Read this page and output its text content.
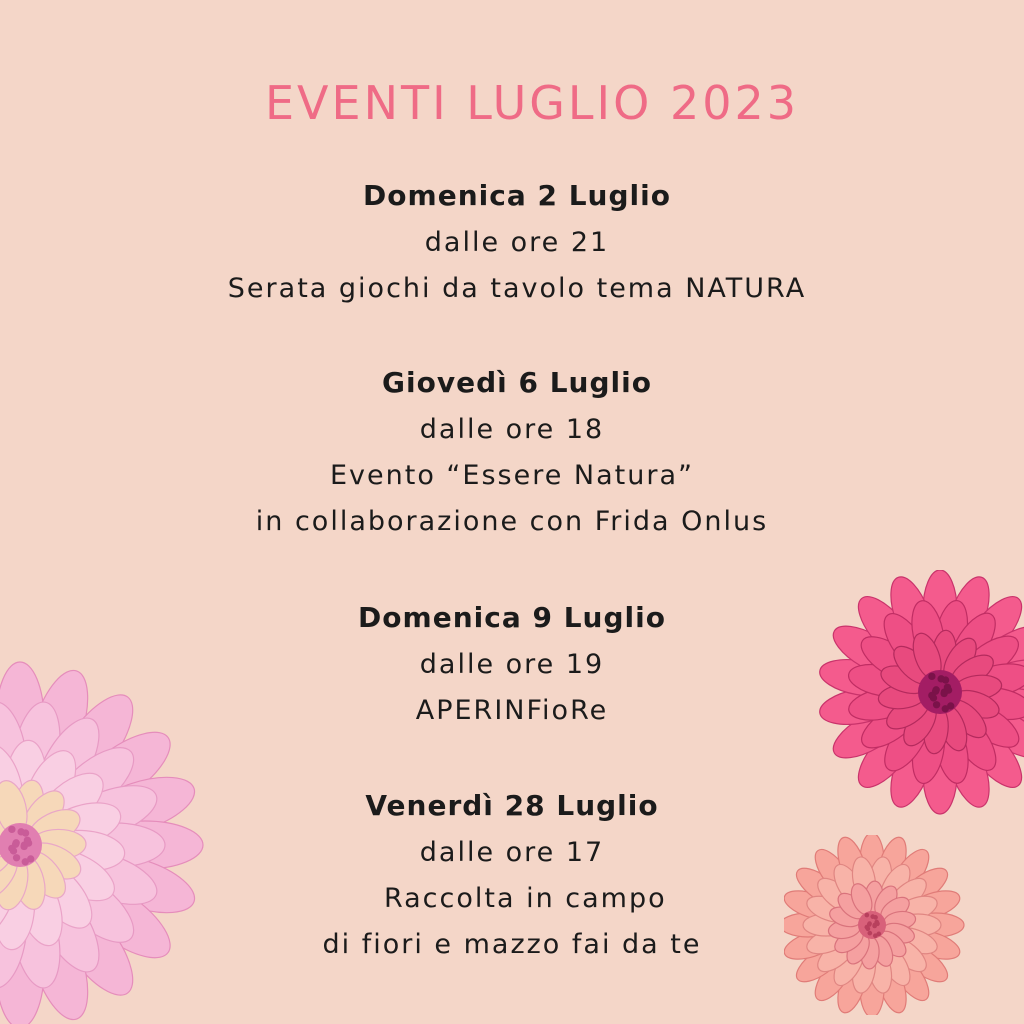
EVENTI LUGLIO 2023
Domenica 2 Luglio
dalle ore 21
Serata giochi da tavolo tema NATURA
Giovedì 6 Luglio
dalle ore 18
Evento “Essere Natura”
in collaborazione con Frida Onlus
Domenica 9 Luglio
dalle ore 19
APERINFioRe
Venerdì 28 Luglio
dalle ore 17
Raccolta in campo
di fiori e mazzo fai da te
